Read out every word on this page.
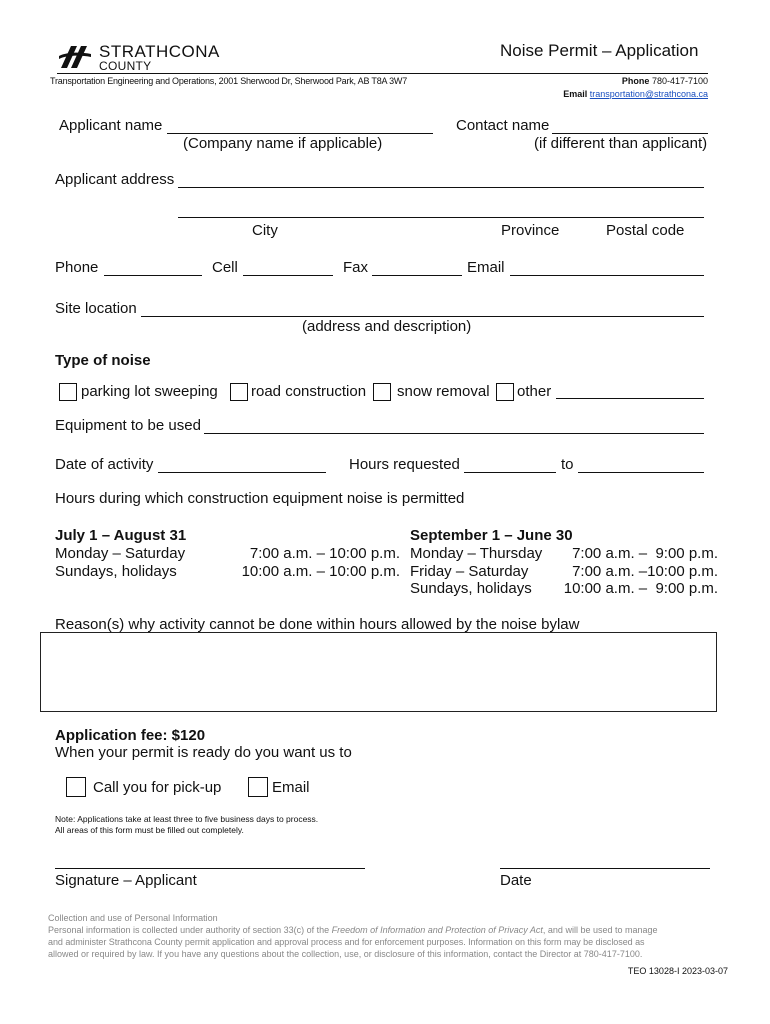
STRATHCONA
COUNTY
Noise Permit – Application
Transportation Engineering and Operations, 2001 Sherwood Dr, Sherwood Park, AB T8A 3W7	Phone 780-417-7100
Email transportation@strathcona.ca
Applicant name
(Company name if applicable)
Contact name
(if different than applicant)
Applicant address
City	Province	Postal code
Phone	Cell	Fax	Email
Site location
(address and description)
Type of noise
parking lot sweeping road construction snow removal other
Equipment to be used
Date of activity	Hours requested	to
Hours during which construction equipment noise is permitted
July 1 – August 31
Monday – Saturday	7:00 a.m. – 10:00 p.m.
Sundays, holidays	10:00 a.m. – 10:00 p.m.
September 1 – June 30
Monday – Thursday	7:00 a.m. –  9:00 p.m.
Friday – Saturday	7:00 a.m. –10:00 p.m.
Sundays, holidays	10:00 a.m. –  9:00 p.m.
Reason(s) why activity cannot be done within hours allowed by the noise bylaw
Application fee: $120
When your permit is ready do you want us to
Call you for pick-up	Email
Note: Applications take at least three to five business days to process.
All areas of this form must be filled out completely.
Signature – Applicant	Date
Collection and use of Personal Information
Personal information is collected under authority of section 33(c) of the Freedom of Information and Protection of Privacy Act, and will be used to manage
and administer Strathcona County permit application and approval process and for enforcement purposes. Information on this form may be disclosed as
allowed or required by law. If you have any questions about the collection, use, or disclosure of this information, contact the Director at 780-417-7100.
TEO 13028-I 2023-03-07
